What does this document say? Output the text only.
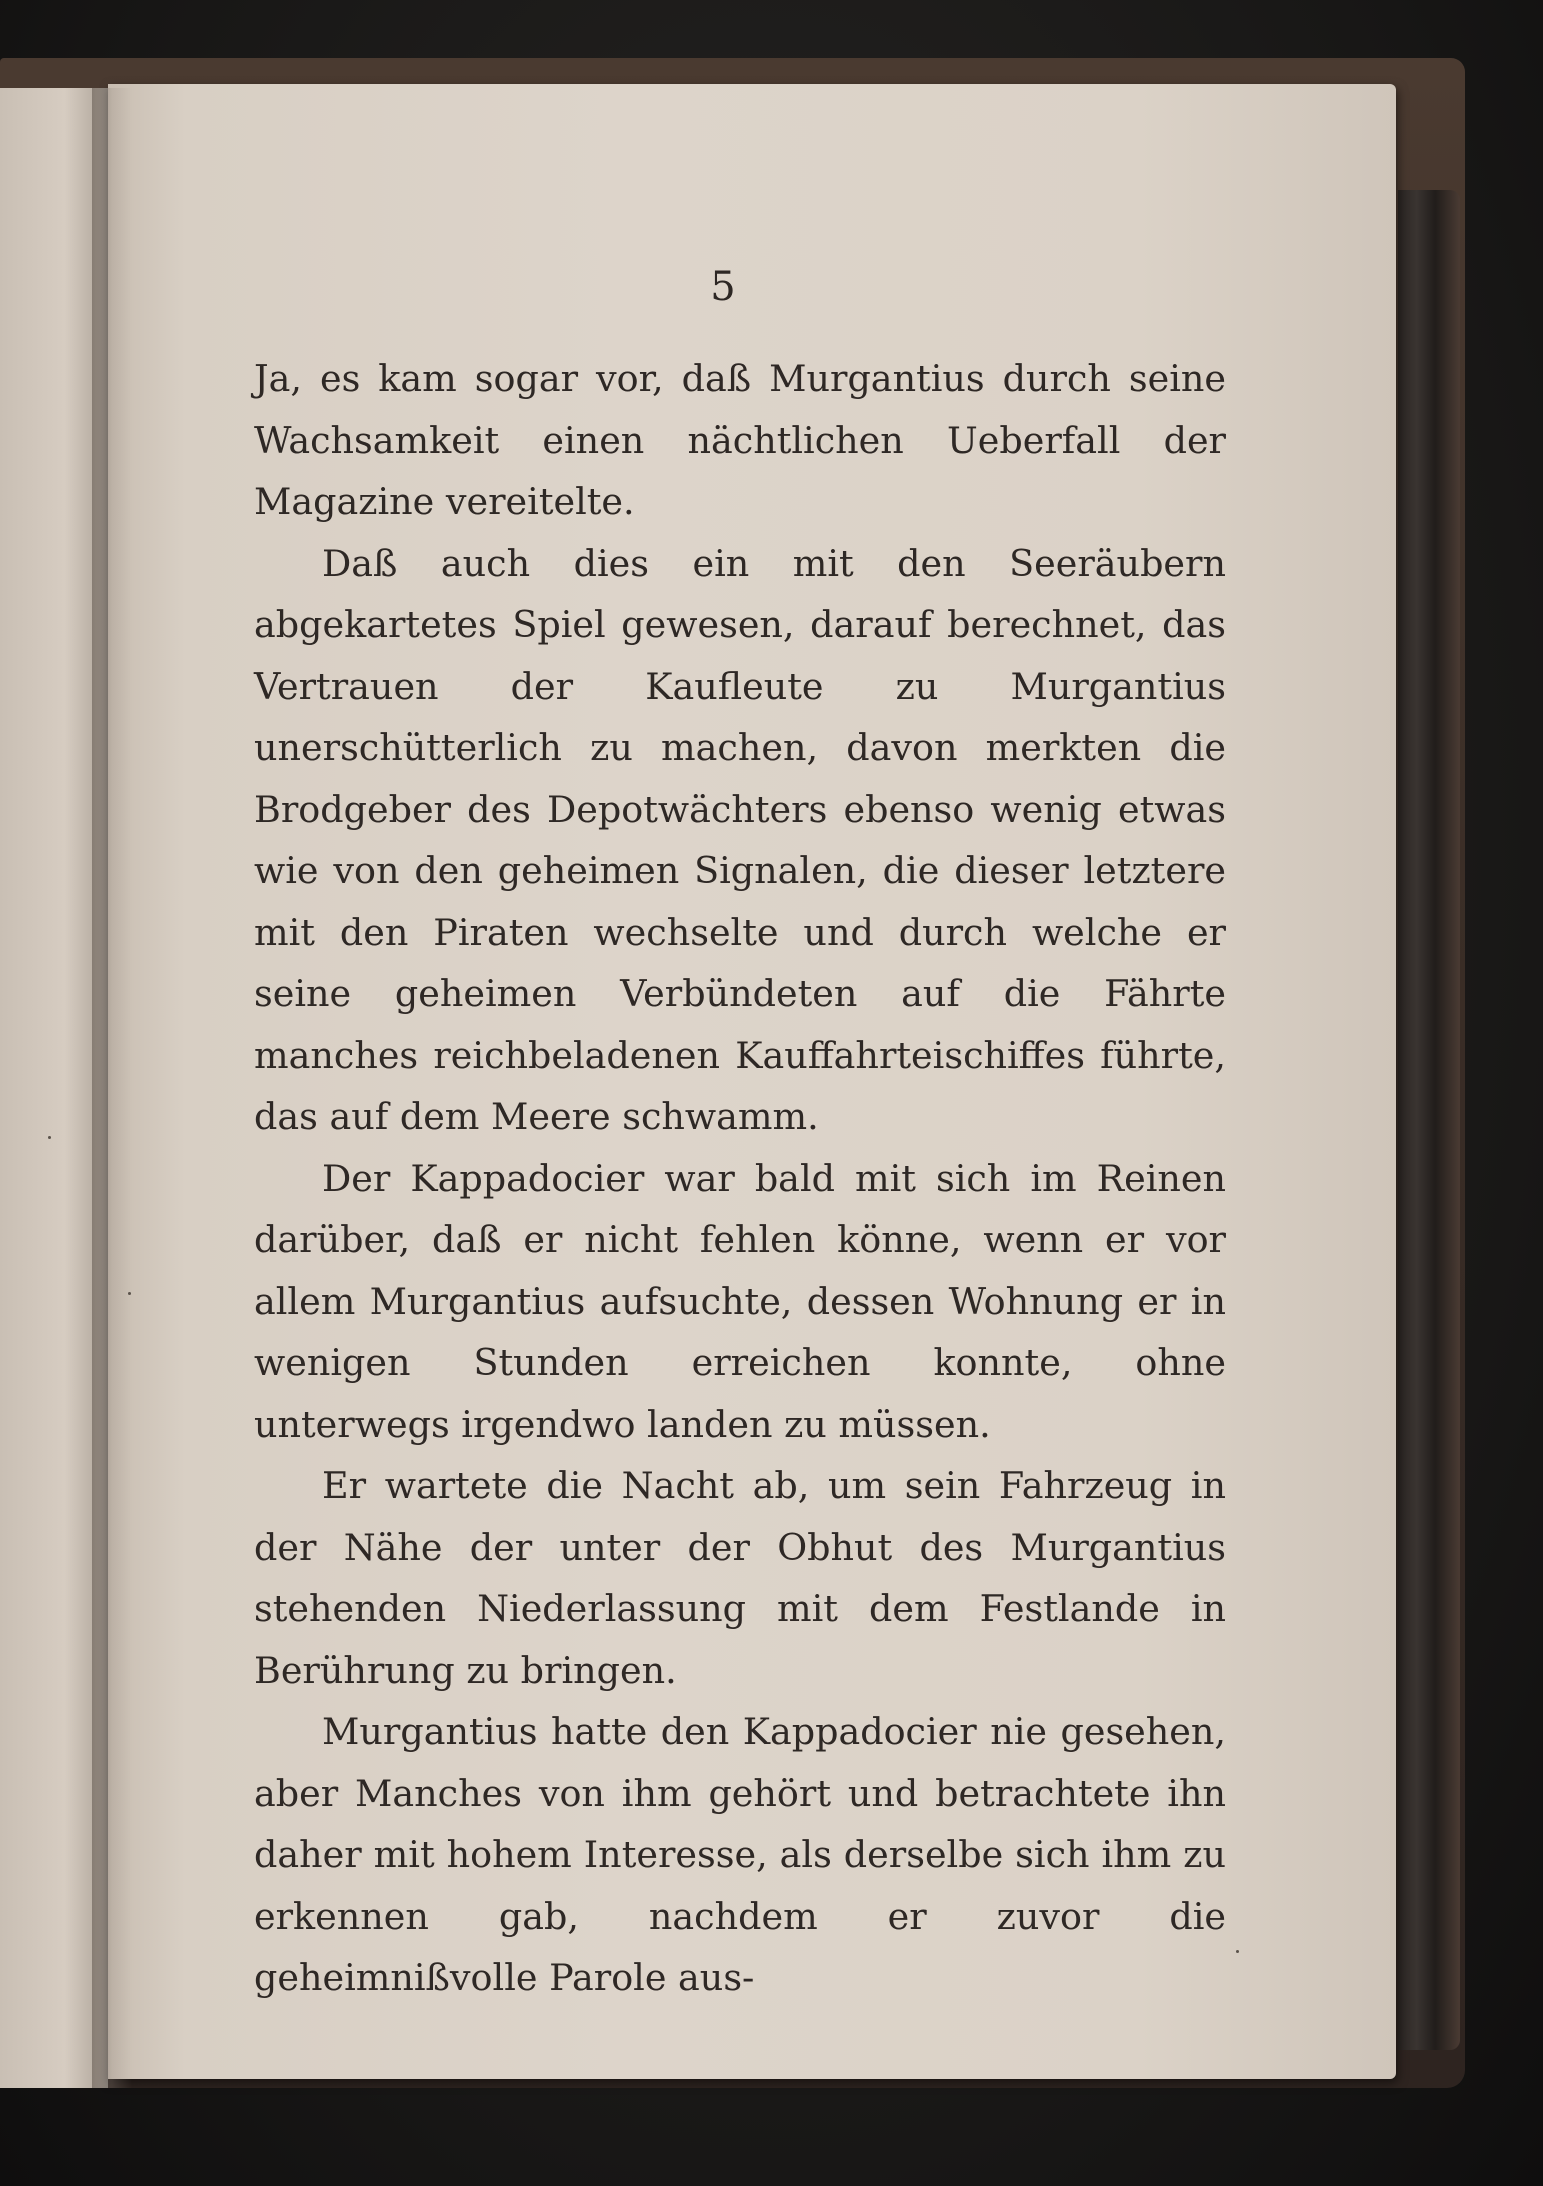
5

Ja, es kam sogar vor, daß Murgantius durch seine Wachsamkeit einen nächtlichen Ueberfall der Magazine vereitelte.

Daß auch dies ein mit den Seeräubern abgekartetes Spiel gewesen, darauf berechnet, das Vertrauen der Kaufleute zu Murgantius unerschütterlich zu machen, davon merkten die Brodgeber des Depotwächters ebenso wenig etwas wie von den geheimen Signalen, die dieser letztere mit den Piraten wechselte und durch welche er seine geheimen Verbündeten auf die Fährte manches reichbeladenen Kauffahrteischiffes führte, das auf dem Meere schwamm.

Der Kappadocier war bald mit sich im Reinen darüber, daß er nicht fehlen könne, wenn er vor allem Murgantius aufsuchte, dessen Wohnung er in wenigen Stunden erreichen konnte, ohne unterwegs irgendwo landen zu müssen.

Er wartete die Nacht ab, um sein Fahrzeug in der Nähe der unter der Obhut des Murgantius stehenden Niederlassung mit dem Festlande in Berührung zu bringen.

Murgantius hatte den Kappadocier nie gesehen, aber Manches von ihm gehört und betrachtete ihn daher mit hohem Interesse, als derselbe sich ihm zu erkennen gab, nachdem er zuvor die geheimnißvolle Parole aus-
